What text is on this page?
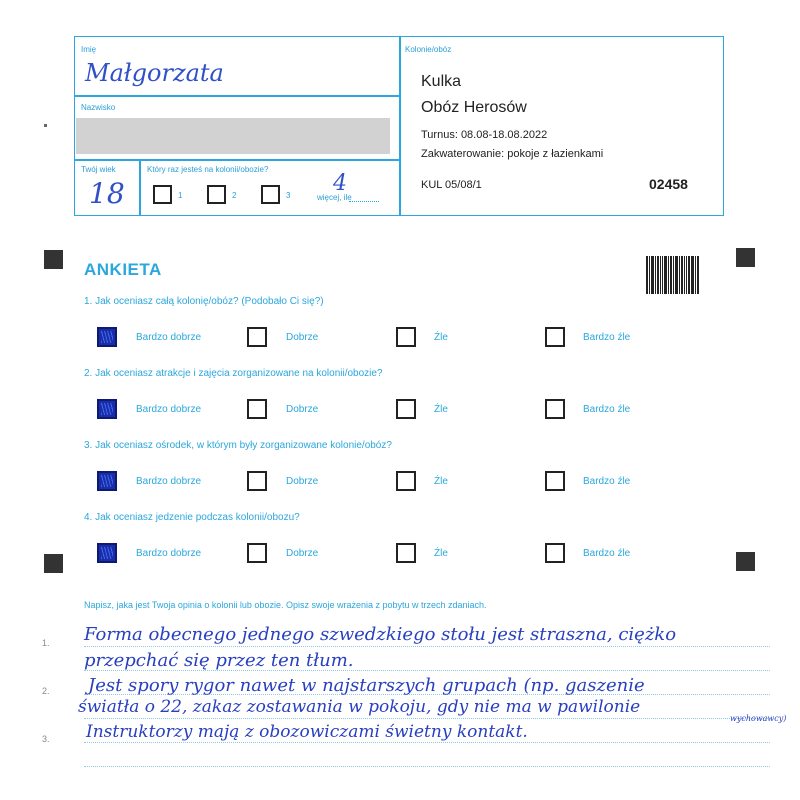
Imię
Małgorzata
Nazwisko
Twój wiek
18
Który raz jesteś na kolonii/obozie?
1	2	3	więcej, ile
4
Kolonie/obóz
Kulka
Obóz Herosów
Turnus: 08.08-18.08.2022
Zakwaterowanie: pokoje z łazienkami
KUL 05/08/1	02458
ANKIETA
1. Jak oceniasz całą kolonię/obóz? (Podobało Ci się?)
2. Jak oceniasz atrakcje i zajęcia zorganizowane na kolonii/obozie?
3. Jak oceniasz ośrodek, w którym były zorganizowane kolonie/obóz?
4. Jak oceniasz jedzenie podczas kolonii/obozu?
Bardzo dobrze	Dobrze	Źle	Bardzo źle
Bardzo dobrze	Dobrze	Źle	Bardzo źle
Bardzo dobrze	Dobrze	Źle	Bardzo źle
Bardzo dobrze	Dobrze	Źle	Bardzo źle
Napisz, jaka jest Twoja opinia o kolonii lub obozie. Opisz swoje wrażenia z pobytu w trzech zdaniach.
1.
2.
3.
Forma obecnego jednego szwedzkiego stołu jest straszna, ciężko
przepchać się przez ten tłum.
Jest spory rygor nawet w najstarszych grupach (np. gaszenie
światła o 22, zakaz zostawania w pokoju, gdy nie ma w pawilonie
wychowawcy)
Instruktorzy mają z obozowiczami świetny kontakt.
